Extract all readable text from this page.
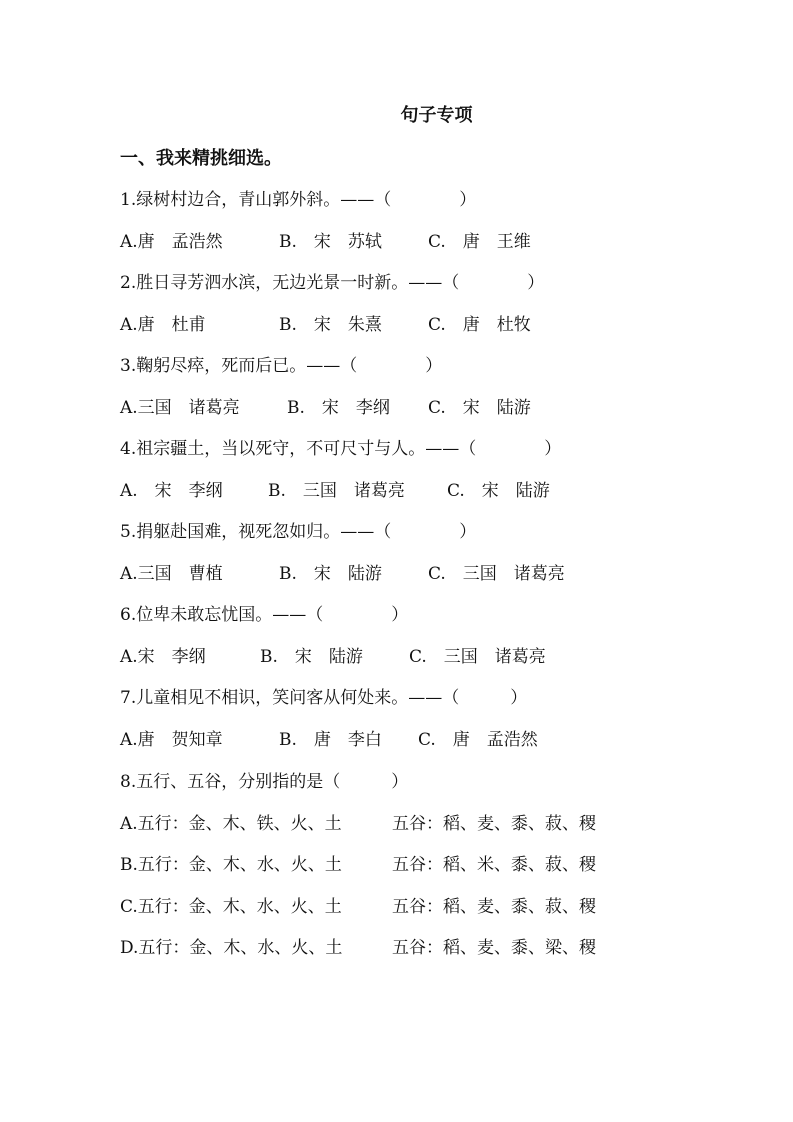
句子专项
一、我来精挑细选。
1.绿树村边合，青山郭外斜。——（　　　　）
A.唐　孟浩然	B.　宋　苏轼	C.　唐　王维
2.胜日寻芳泗水滨，无边光景一时新。——（　　　　）
A.唐　杜甫	B.　宋　朱熹	C.　唐　杜牧
3.鞠躬尽瘁，死而后已。——（　　　　）
A.三国　诸葛亮	B.　宋　李纲 C.　宋　陆游
4.祖宗疆土，当以死守，不可尺寸与人。——（　　　　）
A.　宋　李纲	B.　三国　诸葛亮 C.　宋　陆游
5.捐躯赴国难，视死忽如归。——（　　　　）
A.三国　曹植	B.　宋　陆游	C.　三国　诸葛亮
6.位卑未敢忘忧国。——（　　　　）
A.宋　李纲	B.　宋　陆游	C.　三国　诸葛亮
7.儿童相见不相识，笑问客从何处来。——（　　　）
A.唐　贺知章	B.　唐　李白 C.　唐　孟浩然
8.五行、五谷，分别指的是（　　　）
A.五行：金、木、铁、火、土	五谷：稻、麦、黍、菽、稷
B.五行：金、木、水、火、土	五谷：稻、米、黍、菽、稷
C.五行：金、木、水、火、土	五谷：稻、麦、黍、菽、稷
D.五行：金、木、水、火、土	五谷：稻、麦、黍、梁、稷
